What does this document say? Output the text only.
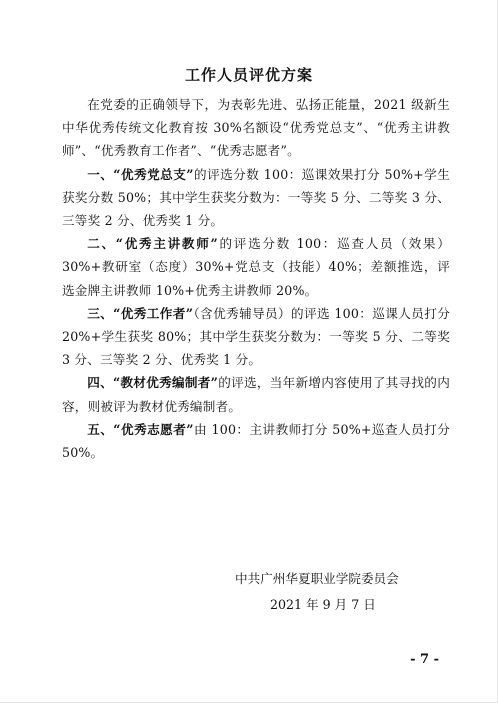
工作人员评优方案

在党委的正确领导下，为表彰先进、弘扬正能量，2021 级新生中华优秀传统文化教育按 30%名额设“优秀党总支”、“优秀主讲教师”、“优秀教育工作者”、“优秀志愿者”。

一、“优秀党总支”的评选分数 100：巡课效果打分 50%+学生获奖分数 50%；其中学生获奖分数为：一等奖 5 分、二等奖 3 分、三等奖 2 分、优秀奖 1 分。

二、“优秀主讲教师”的评选分数 100：巡查人员（效果）30%+教研室（态度）30%+党总支（技能）40%；差额推选，评选金牌主讲教师 10%+优秀主讲教师 20%。

三、“优秀工作者”（含优秀辅导员）的评选 100：巡课人员打分 20%+学生获奖 80%；其中学生获奖分数为：一等奖 5 分、二等奖 3 分、三等奖 2 分、优秀奖 1 分。

四、“教材优秀编制者”的评选，当年新增内容使用了其寻找的内容，则被评为教材优秀编制者。

五、“优秀志愿者”由 100：主讲教师打分 50%+巡查人员打分 50%。

中共广州华夏职业学院委员会
2021 年 9 月 7 日
- 7 -
